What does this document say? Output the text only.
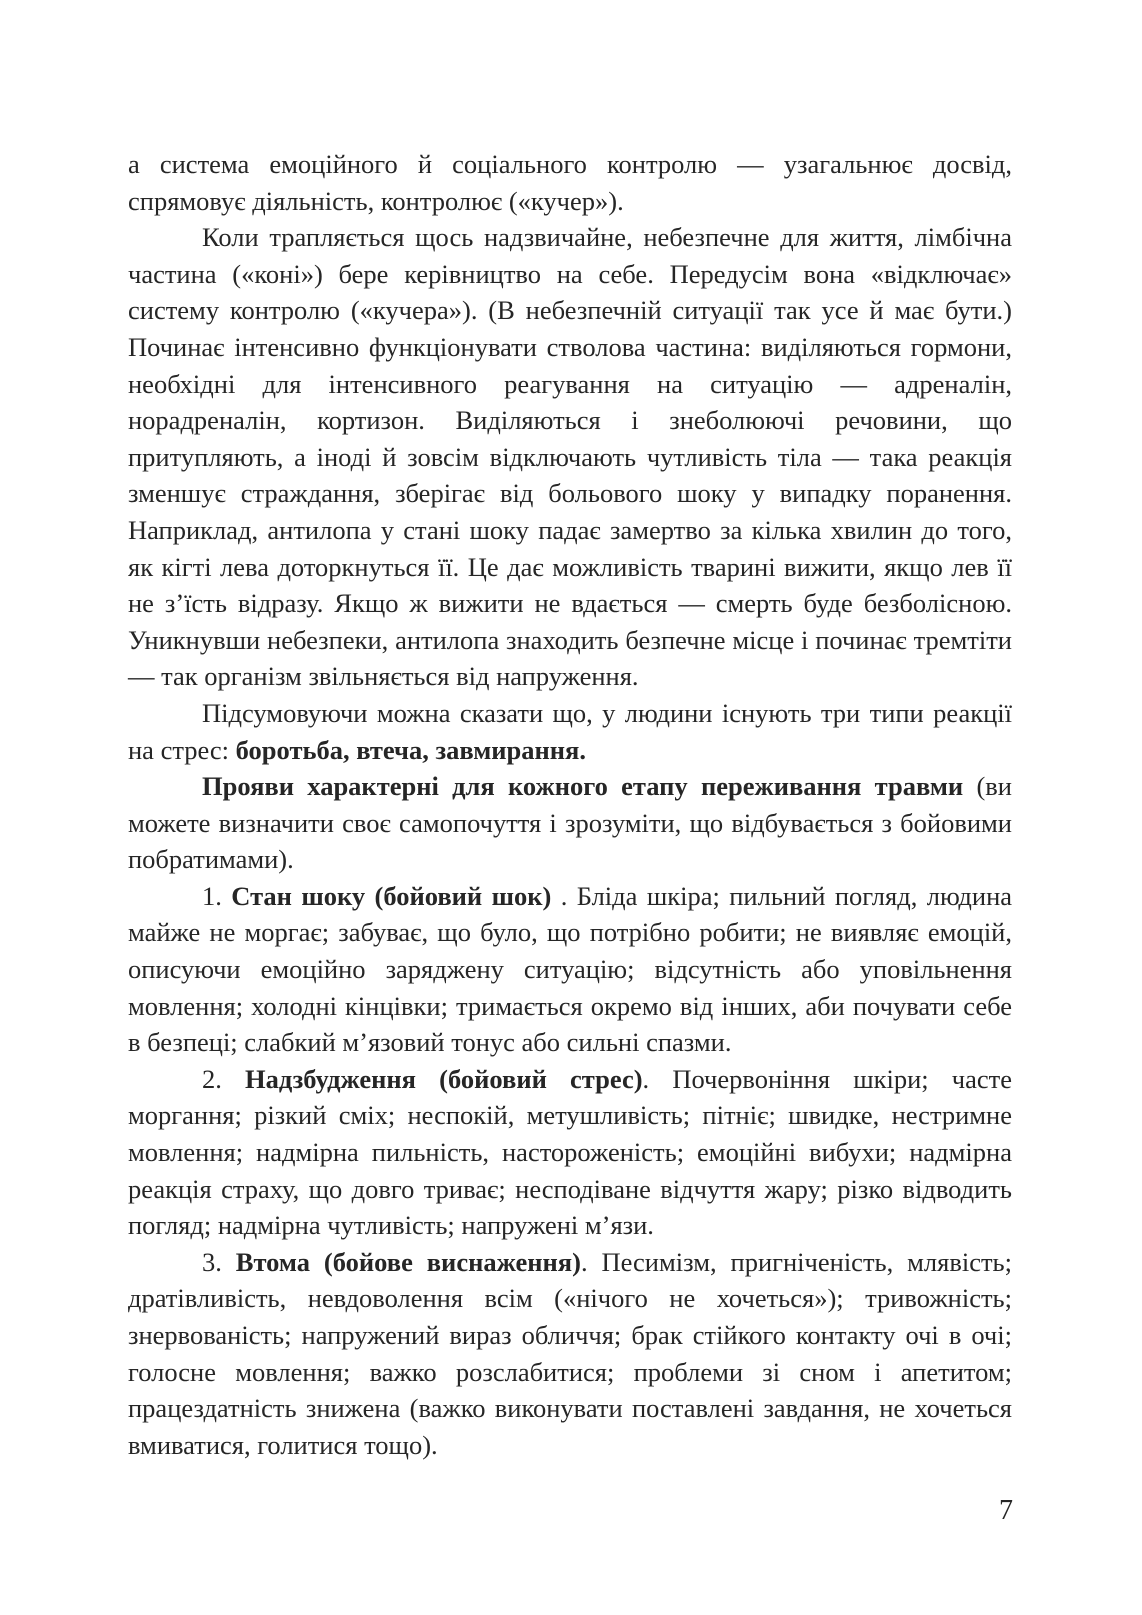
а система емоційного й соціального контролю — узагальнює досвід, спрямовує діяльність, контролює («кучер»).

Коли трапляється щось надзвичайне, небезпечне для життя, лімбічна частина («коні») бере керівництво на себе. Передусім вона «відключає» систему контролю («кучера»). (В небезпечній ситуації так усе й має бути.) Починає інтенсивно функціонувати стволова частина: виділяються гормони, необхідні для інтенсивного реагування на ситуацію — адреналін, норадреналін, кортизон. Виділяються і знеболюючі речовини, що притупляють, а іноді й зовсім відключають чутливість тіла — така реакція зменшує страждання, зберігає від больового шоку у випадку поранення. Наприклад, антилопа у стані шоку падає замертво за кілька хвилин до того, як кігті лева доторкнуться її. Це дає можливість тварині вижити, якщо лев її не з’їсть відразу. Якщо ж вижити не вдається — смерть буде безболісною. Уникнувши небезпеки, антилопа знаходить безпечне місце і починає тремтіти — так організм звільняється від напруження.

Підсумовуючи можна сказати що, у людини існують три типи реакції на стрес: боротьба, втеча, завмирання.

Прояви характерні для кожного етапу переживання травми (ви можете визначити своє самопочуття і зрозуміти, що відбувається з бойовими побратимами).

1. Стан шоку (бойовий шок) . Бліда шкіра; пильний погляд, людина майже не моргає; забуває, що було, що потрібно робити; не виявляє емоцій, описуючи емоційно заряджену ситуацію; відсутність або уповільнення мовлення; холодні кінцівки; тримається окремо від інших, аби почувати себе в безпеці; слабкий м’язовий тонус або сильні спазми.

2. Надзбудження (бойовий стрес). Почервоніння шкіри; часте моргання; різкий сміх; неспокій, метушливість; пітніє; швидке, нестримне мовлення; надмірна пильність, настороженість; емоційні вибухи; надмірна реакція страху, що довго триває; несподіване відчуття жару; різко відводить погляд; надмірна чутливість; напружені м’язи.

3. Втома (бойове виснаження). Песимізм, пригніченість, млявість; дратівливість, невдоволення всім («нічого не хочеться»); тривожність; знервованість; напружений вираз обличчя; брак стійкого контакту очі в очі; голосне мовлення; важко розслабитися; проблеми зі сном і апетитом; працездатність знижена (важко виконувати поставлені завдання, не хочеться вмиватися, голитися тощо).

7
